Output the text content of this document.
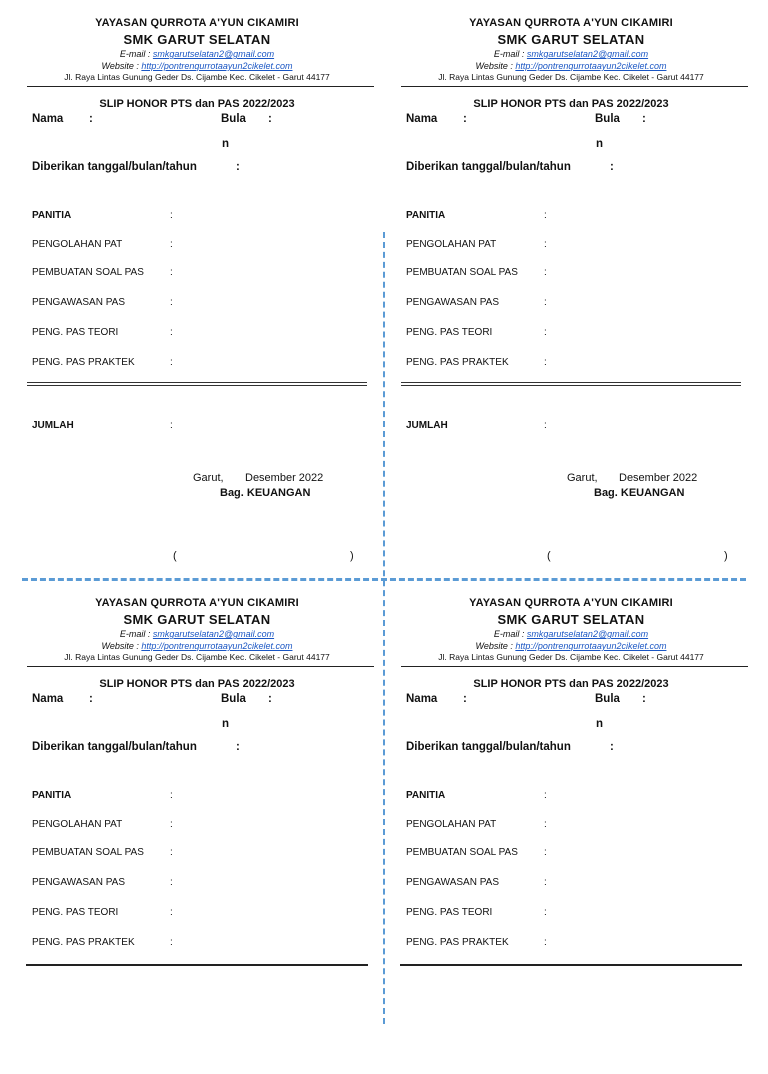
YAYASAN QURROTA A'YUN CIKAMIRI
SMK GARUT SELATAN
E-mail : smkgarutselatan2@gmail.com
Website : http://pontrenqurrotaayun2cikelet.com
Jl. Raya Lintas Gunung Geder Ds. Cijambe Kec. Cikelet - Garut 44177
SLIP HONOR PTS dan PAS 2022/2023
Nama :	Bula :
n
Diberikan tanggal/bulan/tahun	:
PANITIA	:
PENGOLAHAN PAT	:
PEMBUATAN SOAL PAS	:
PENGAWASAN PAS	:
PENG. PAS TEORI	:
PENG. PAS PRAKTEK	:
JUMLAH	:
Garut, Desember 2022
Bag. KEUANGAN
(	)
YAYASAN QURROTA A'YUN CIKAMIRI
SMK GARUT SELATAN
E-mail : smkgarutselatan2@gmail.com
Website : http://pontrenqurrotaayun2cikelet.com
Jl. Raya Lintas Gunung Geder Ds. Cijambe Kec. Cikelet - Garut 44177
SLIP HONOR PTS dan PAS 2022/2023
Nama :	Bula :
n
Diberikan tanggal/bulan/tahun	:
PANITIA	:
PENGOLAHAN PAT	:
PEMBUATAN SOAL PAS	:
PENGAWASAN PAS	:
PENG. PAS TEORI	:
PENG. PAS PRAKTEK	:
JUMLAH	:
Garut, Desember 2022
Bag. KEUANGAN
(	)
YAYASAN QURROTA A'YUN CIKAMIRI
SMK GARUT SELATAN
E-mail : smkgarutselatan2@gmail.com
Website : http://pontrenqurrotaayun2cikelet.com
Jl. Raya Lintas Gunung Geder Ds. Cijambe Kec. Cikelet - Garut 44177
SLIP HONOR PTS dan PAS 2022/2023
Nama :	Bula :
n
Diberikan tanggal/bulan/tahun	:
PANITIA	:
PENGOLAHAN PAT	:
PEMBUATAN SOAL PAS	:
PENGAWASAN PAS	:
PENG. PAS TEORI	:
PENG. PAS PRAKTEK	:
YAYASAN QURROTA A'YUN CIKAMIRI
SMK GARUT SELATAN
E-mail : smkgarutselatan2@gmail.com
Website : http://pontrenqurrotaayun2cikelet.com
Jl. Raya Lintas Gunung Geder Ds. Cijambe Kec. Cikelet - Garut 44177
SLIP HONOR PTS dan PAS 2022/2023
Nama :	Bula :
n
Diberikan tanggal/bulan/tahun	:
PANITIA	:
PENGOLAHAN PAT	:
PEMBUATAN SOAL PAS	:
PENGAWASAN PAS	:
PENG. PAS TEORI	:
PENG. PAS PRAKTEK	:
